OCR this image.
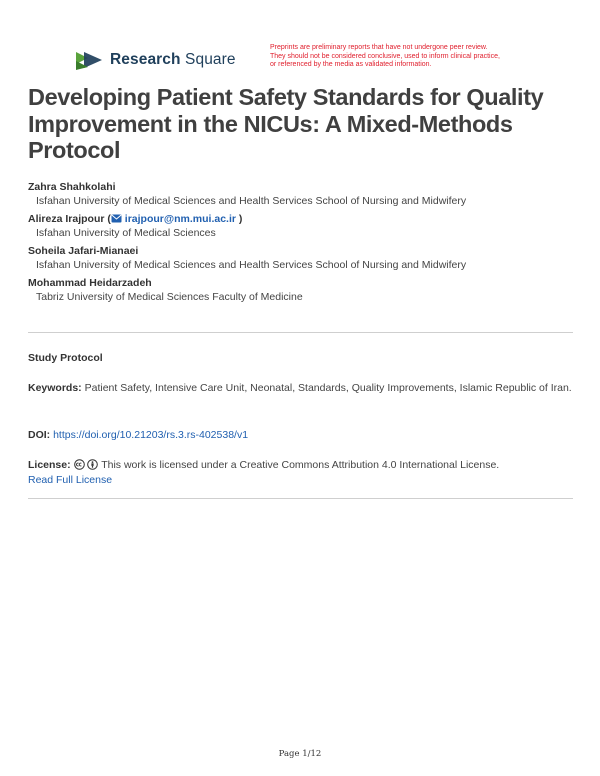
Research Square
Preprints are preliminary reports that have not undergone peer review.
They should not be considered conclusive, used to inform clinical practice,
or referenced by the media as validated information.
Developing Patient Safety Standards for Quality Improvement in the NICUs: A Mixed-Methods Protocol
Zahra Shahkolahi
Isfahan University of Medical Sciences and Health Services School of Nursing and Midwifery
Alireza Irajpour ( irajpour@nm.mui.ac.ir )
Isfahan University of Medical Sciences
Soheila Jafari-Mianaei
Isfahan University of Medical Sciences and Health Services School of Nursing and Midwifery
Mohammad Heidarzadeh
Tabriz University of Medical Sciences Faculty of Medicine
Study Protocol
Keywords: Patient Safety, Intensive Care Unit, Neonatal, Standards, Quality Improvements, Islamic Republic of Iran.
DOI: https://doi.org/10.21203/rs.3.rs-402538/v1
License:	This work is licensed under a Creative Commons Attribution 4.0 International License.
Read Full License
Page 1/12
